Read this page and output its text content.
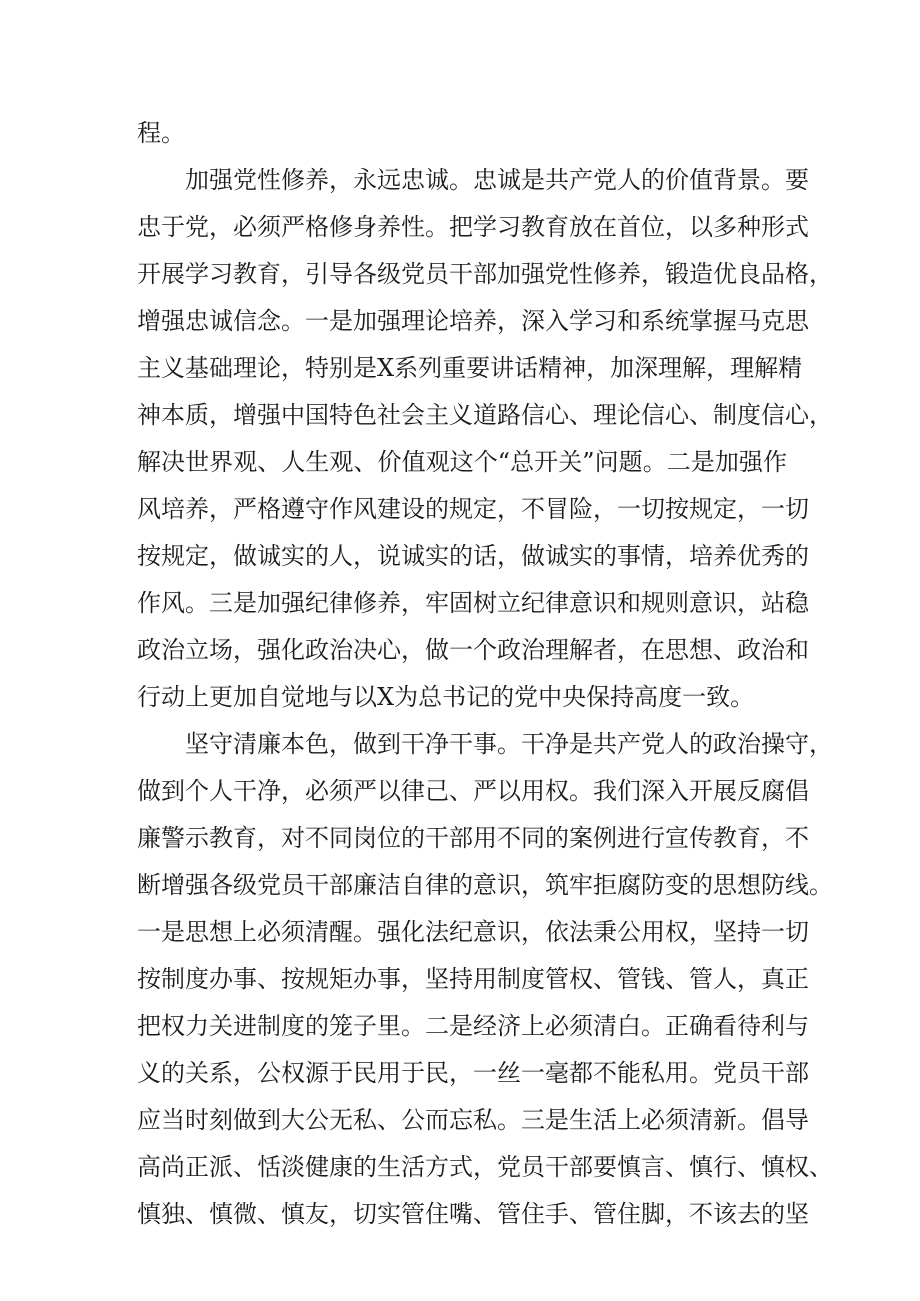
程。
加强党性修养，永远忠诚。忠诚是共产党人的价值背景。要
忠于党，必须严格修身养性。把学习教育放在首位，以多种形式
开展学习教育，引导各级党员干部加强党性修养，锻造优良品格，
增强忠诚信念。一是加强理论培养，深入学习和系统掌握马克思
主义基础理论，特别是X系列重要讲话精神，加深理解，理解精
神本质，增强中国特色社会主义道路信心、理论信心、制度信心，
解决世界观、人生观、价值观这个“总开关”问题。二是加强作
风培养，严格遵守作风建设的规定，不冒险，一切按规定，一切
按规定，做诚实的人，说诚实的话，做诚实的事情，培养优秀的
作风。三是加强纪律修养，牢固树立纪律意识和规则意识，站稳
政治立场，强化政治决心，做一个政治理解者，在思想、政治和
行动上更加自觉地与以X为总书记的党中央保持高度一致。
坚守清廉本色，做到干净干事。干净是共产党人的政治操守，
做到个人干净，必须严以律己、严以用权。我们深入开展反腐倡
廉警示教育，对不同岗位的干部用不同的案例进行宣传教育，不
断增强各级党员干部廉洁自律的意识，筑牢拒腐防变的思想防线。
一是思想上必须清醒。强化法纪意识，依法秉公用权，坚持一切
按制度办事、按规矩办事，坚持用制度管权、管钱、管人，真正
把权力关进制度的笼子里。二是经济上必须清白。正确看待利与
义的关系，公权源于民用于民，一丝一毫都不能私用。党员干部
应当时刻做到大公无私、公而忘私。三是生活上必须清新。倡导
高尚正派、恬淡健康的生活方式，党员干部要慎言、慎行、慎权、
慎独、慎微、慎友，切实管住嘴、管住手、管住脚，不该去的坚
